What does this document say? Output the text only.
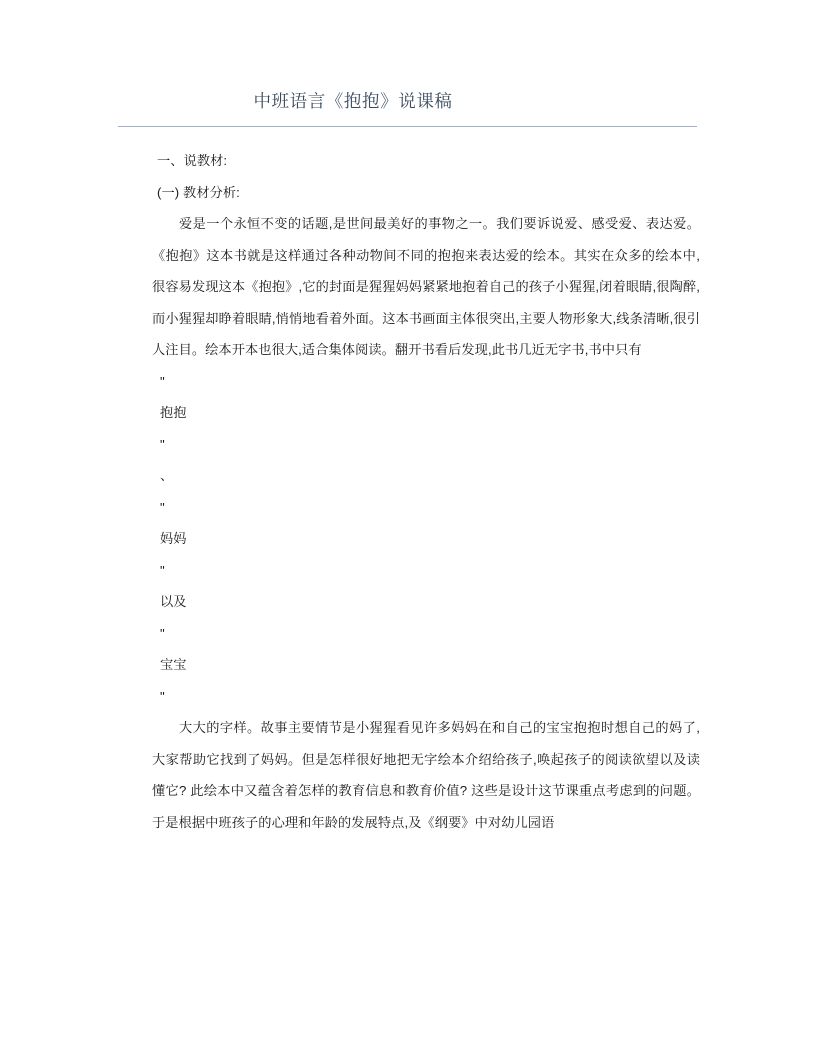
中班语言《抱抱》说课稿

一、说教材:

(一) 教材分析:

爱是一个永恒不变的话题,是世间最美好的事物之一。我们要诉说爱、感受爱、表达爱。《抱抱》这本书就是这样通过各种动物间不同的抱抱来表达爱的绘本。其实在众多的绘本中,很容易发现这本《抱抱》,它的封面是猩猩妈妈紧紧地抱着自己的孩子小猩猩,闭着眼睛,很陶醉,而小猩猩却睁着眼睛,悄悄地看着外面。这本书画面主体很突出,主要人物形象大,线条清晰,很引人注目。绘本开本也很大,适合集体阅读。翻开书看后发现,此书几近无字书,书中只有

"

抱抱

"

、

"

妈妈

"

以及

"

宝宝

"

大大的字样。故事主要情节是小猩猩看见许多妈妈在和自己的宝宝抱抱时想自己的妈了,大家帮助它找到了妈妈。但是怎样很好地把无字绘本介绍给孩子,唤起孩子的阅读欲望以及读懂它? 此绘本中又蕴含着怎样的教育信息和教育价值? 这些是设计这节课重点考虑到的问题。于是根据中班孩子的心理和年龄的发展特点,及《纲要》中对幼儿园语
